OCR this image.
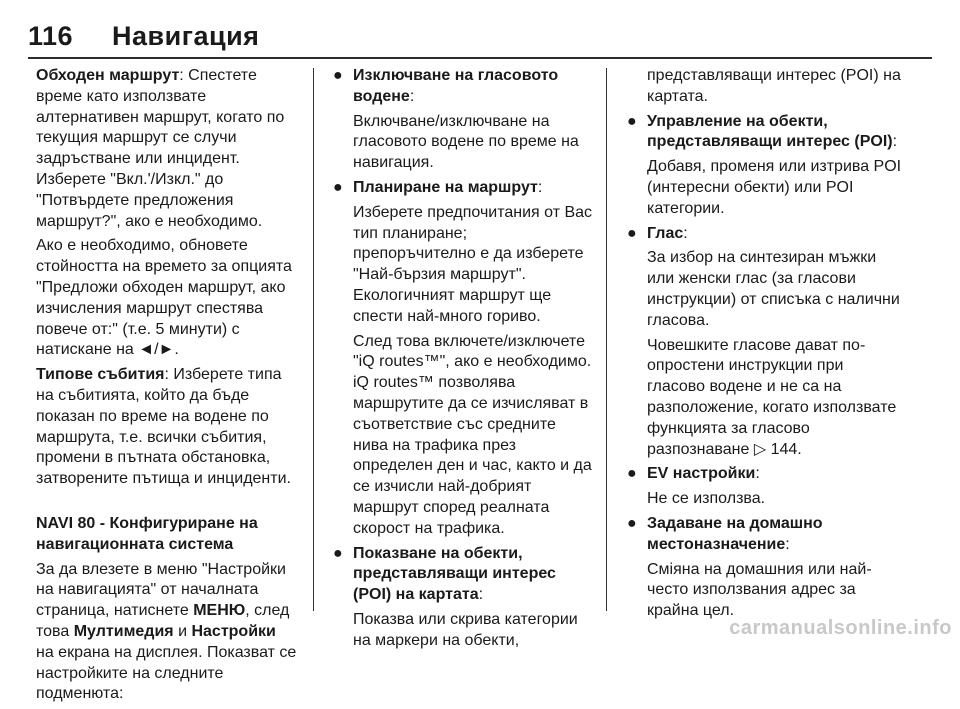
116	Навигация

Обходен маршрут: Спестете време като използвате алтернативен маршрут, когато по текущия маршрут се случи задръстване или инцидент. Изберете "Вкл.'/Изкл." до "Потвърдете предложения маршрут?", ако е необходимо.

Ако е необходимо, обновете стойността на времето за опцията "Предложи обходен маршрут, ако изчисления маршрут спестява повече от:" (т.е. 5 минути) с натискане на ◄/►.

Типове събития: Изберете типа на събитията, който да бъде показан по време на водене по маршрута, т.е. всички събития, промени в пътната обстановка, затворените пътища и инциденти.

NAVI 80 - Конфигуриране на навигационната система

За да влезете в меню "Настройки на навигацията" от началната страница, натиснете МЕНЮ, след това Мултимедия и Настройки на екрана на дисплея. Показват се настройките на следните подменюта:

● Изключване на гласовото водене:
Включване/изключване на гласовото водене по време на навигация.
● Планиране на маршрут:
Изберете предпочитания от Вас тип планиране; препоръчително е да изберете "Най-бързия маршрут". Екологичният маршрут ще спести най-много гориво.
След това включете/изключете "iQ routes™", ако е необходимо. iQ routes™ позволява маршрутите да се изчисляват в съответствие със средните нива на трафика през определен ден и час, както и да се изчисли най-добрият маршрут според реалната скорост на трафика.
● Показване на обекти, представляващи интерес (POI) на картата:
Показва или скрива категории на маркери на обекти,
представляващи интерес (POI) на картата.
● Управление на обекти, представляващи интерес (POI):
Добавя, променя или изтрива POI (интересни обекти) или POI категории.
● Глас:
За избор на синтезиран мъжки или женски глас (за гласови инструкции) от списъка с налични гласова.
Човешките гласове дават по-опростени инструкции при гласово водене и не са на разположение, когато използвате функцията за гласово разпознаване ▷ 144.
● EV настройки:
Не се използва.
● Задаване на домашно местоназначение:
Сміяна на домашния или най-често използвания адрес за крайна цел.
carmanualsonline.info
